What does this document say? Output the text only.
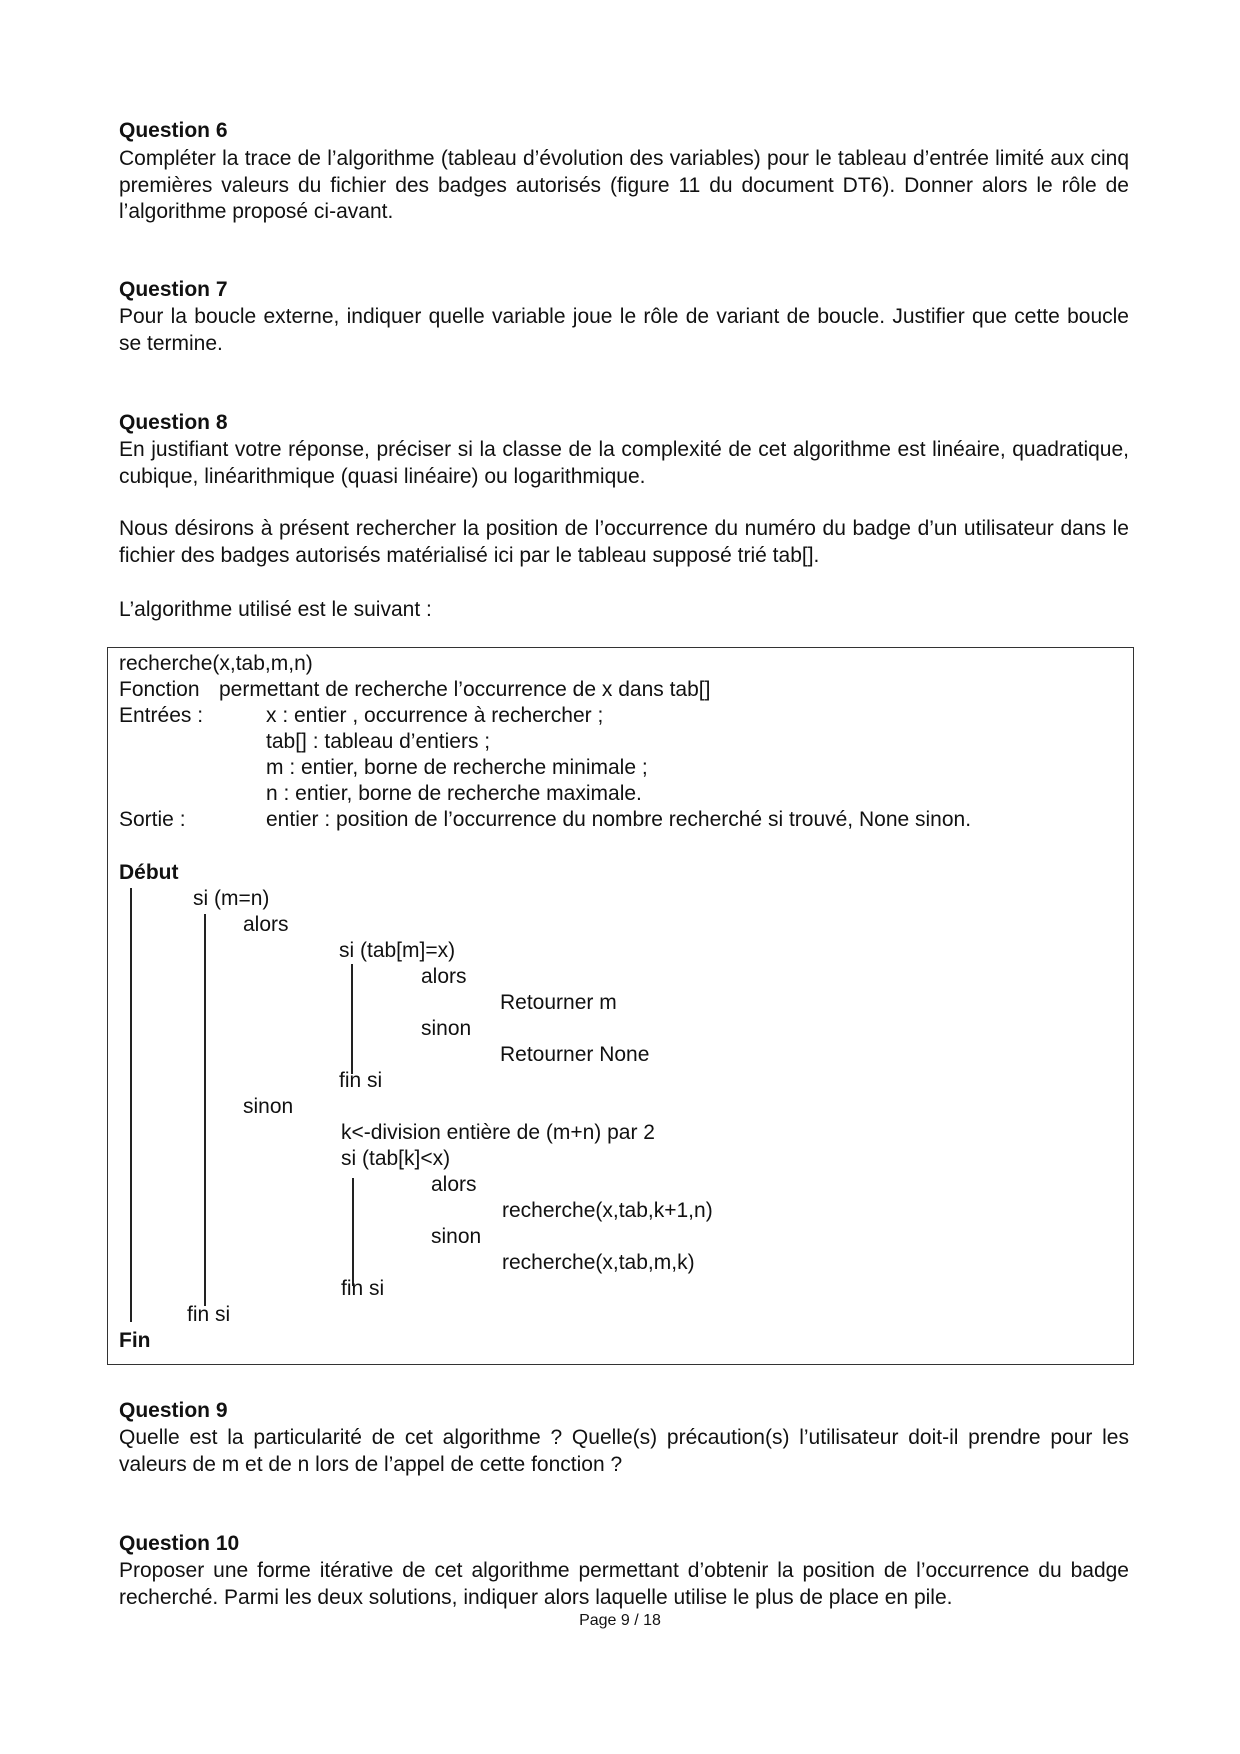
Question 6
Compléter la trace de l’algorithme (tableau d’évolution des variables) pour le tableau d’entrée limité aux cinq premières valeurs du fichier des badges autorisés (figure 11 du document DT6). Donner alors le rôle de l’algorithme proposé ci-avant.
Question 7
Pour la boucle externe, indiquer quelle variable joue le rôle de variant de boucle. Justifier que cette boucle se termine.
Question 8
En justifiant votre réponse, préciser si la classe de la complexité de cet algorithme est linéaire, quadratique, cubique, linéarithmique (quasi linéaire) ou logarithmique.
Nous désirons à présent rechercher la position de l’occurrence du numéro du badge d’un utilisateur dans le fichier des badges autorisés matérialisé ici par le tableau supposé trié tab[].
L’algorithme utilisé est le suivant :
recherche(x,tab,m,n)
Fonction permettant de recherche l’occurrence de x dans tab[]
Entrées :	x : entier , occurrence à rechercher ;
tab[] : tableau d’entiers ;
m : entier, borne de recherche minimale ;
n : entier, borne de recherche maximale.
Sortie :	entier : position de l’occurrence du nombre recherché si trouvé, None sinon.
Début
si (m=n)
alors
si (tab[m]=x)
alors
Retourner m
sinon
Retourner None
fin si
sinon
k<-division entière de (m+n) par 2
si (tab[k]<x)
alors
recherche(x,tab,k+1,n)
sinon
recherche(x,tab,m,k)
fin si
fin si
Fin
Question 9
Quelle est la particularité de cet algorithme ? Quelle(s) précaution(s) l’utilisateur doit-il prendre pour les valeurs de m et de n lors de l’appel de cette fonction ?
Question 10
Proposer une forme itérative de cet algorithme permettant d’obtenir la position de l’occurrence du badge recherché. Parmi les deux solutions, indiquer alors laquelle utilise le plus de place en pile.
Page 9 / 18
